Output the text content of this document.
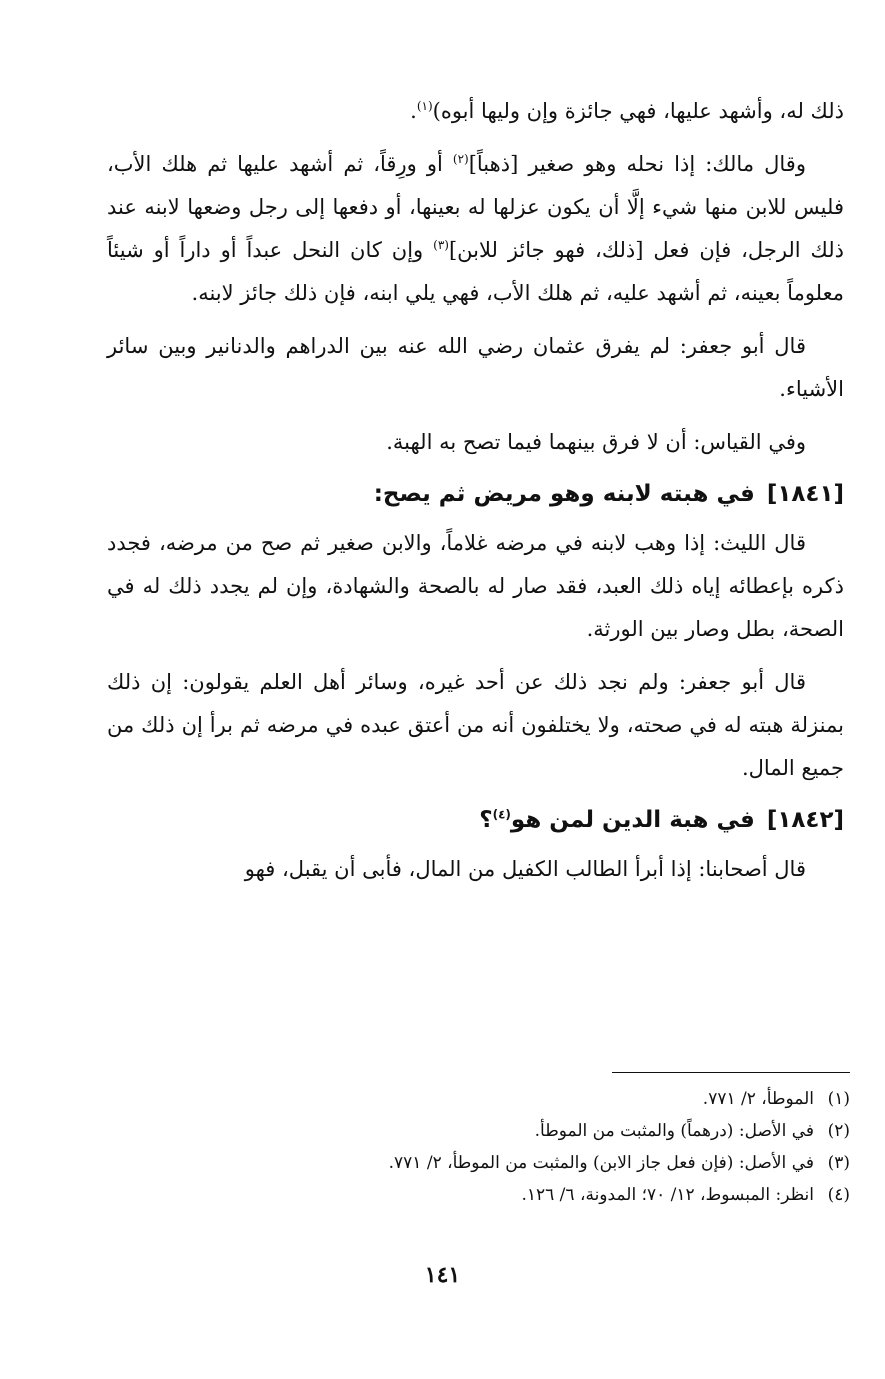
ذلك له، وأشهد عليها، فهي جائزة وإن وليها أبوه)$^{(١)}$.

وقال مالك: إذا نحله وهو صغير [ذهباً]$^{(٢)}$ أو ورِقاً، ثم أشهد عليها ثم هلك الأب، فليس للابن منها شيء إلَّا أن يكون عزلها له بعينها، أو دفعها إلى رجل وضعها لابنه عند ذلك الرجل، فإن فعل [ذلك، فهو جائز للابن]$^{(٣)}$ وإن كان النحل عبداً أو داراً أو شيئاً معلوماً بعينه، ثم أشهد عليه، ثم هلك الأب، فهي يلي ابنه، فإن ذلك جائز لابنه.

قال أبو جعفر: لم يفرق عثمان رضي الله عنه بين الدراهم والدنانير وبين سائر الأشياء.

وفي القياس: أن لا فرق بينهما فيما تصح به الهبة.

[١٨٤١]في هبته لابنه وهو مريض ثم يصح:

قال الليث: إذا وهب لابنه في مرضه غلاماً، والابن صغير ثم صح من مرضه، فجدد ذكره بإعطائه إياه ذلك العبد، فقد صار له بالصحة والشهادة، وإن لم يجدد ذلك له في الصحة، بطل وصار بين الورثة.

قال أبو جعفر: ولم نجد ذلك عن أحد غيره، وسائر أهل العلم يقولون: إن ذلك بمنزلة هبته له في صحته، ولا يختلفون أنه من أعتق عبده في مرضه ثم برأ إن ذلك من جميع المال.

[١٨٤٢]في هبة الدين لمن هو$^{(٤)}$؟

قال أصحابنا: إذا أبرأ الطالب الكفيل من المال، فأبى أن يقبل، فهو

(١)الموطأ، ٢/ ٧٧١.

(٢)في الأصل: (درهماً) والمثبت من الموطأ.

(٣)في الأصل: (فإن فعل جاز الابن) والمثبت من الموطأ، ٢/ ٧٧١.

(٤)انظر: المبسوط، ١٢/ ٧٠؛ المدونة، ٦/ ١٢٦.

١٤١
